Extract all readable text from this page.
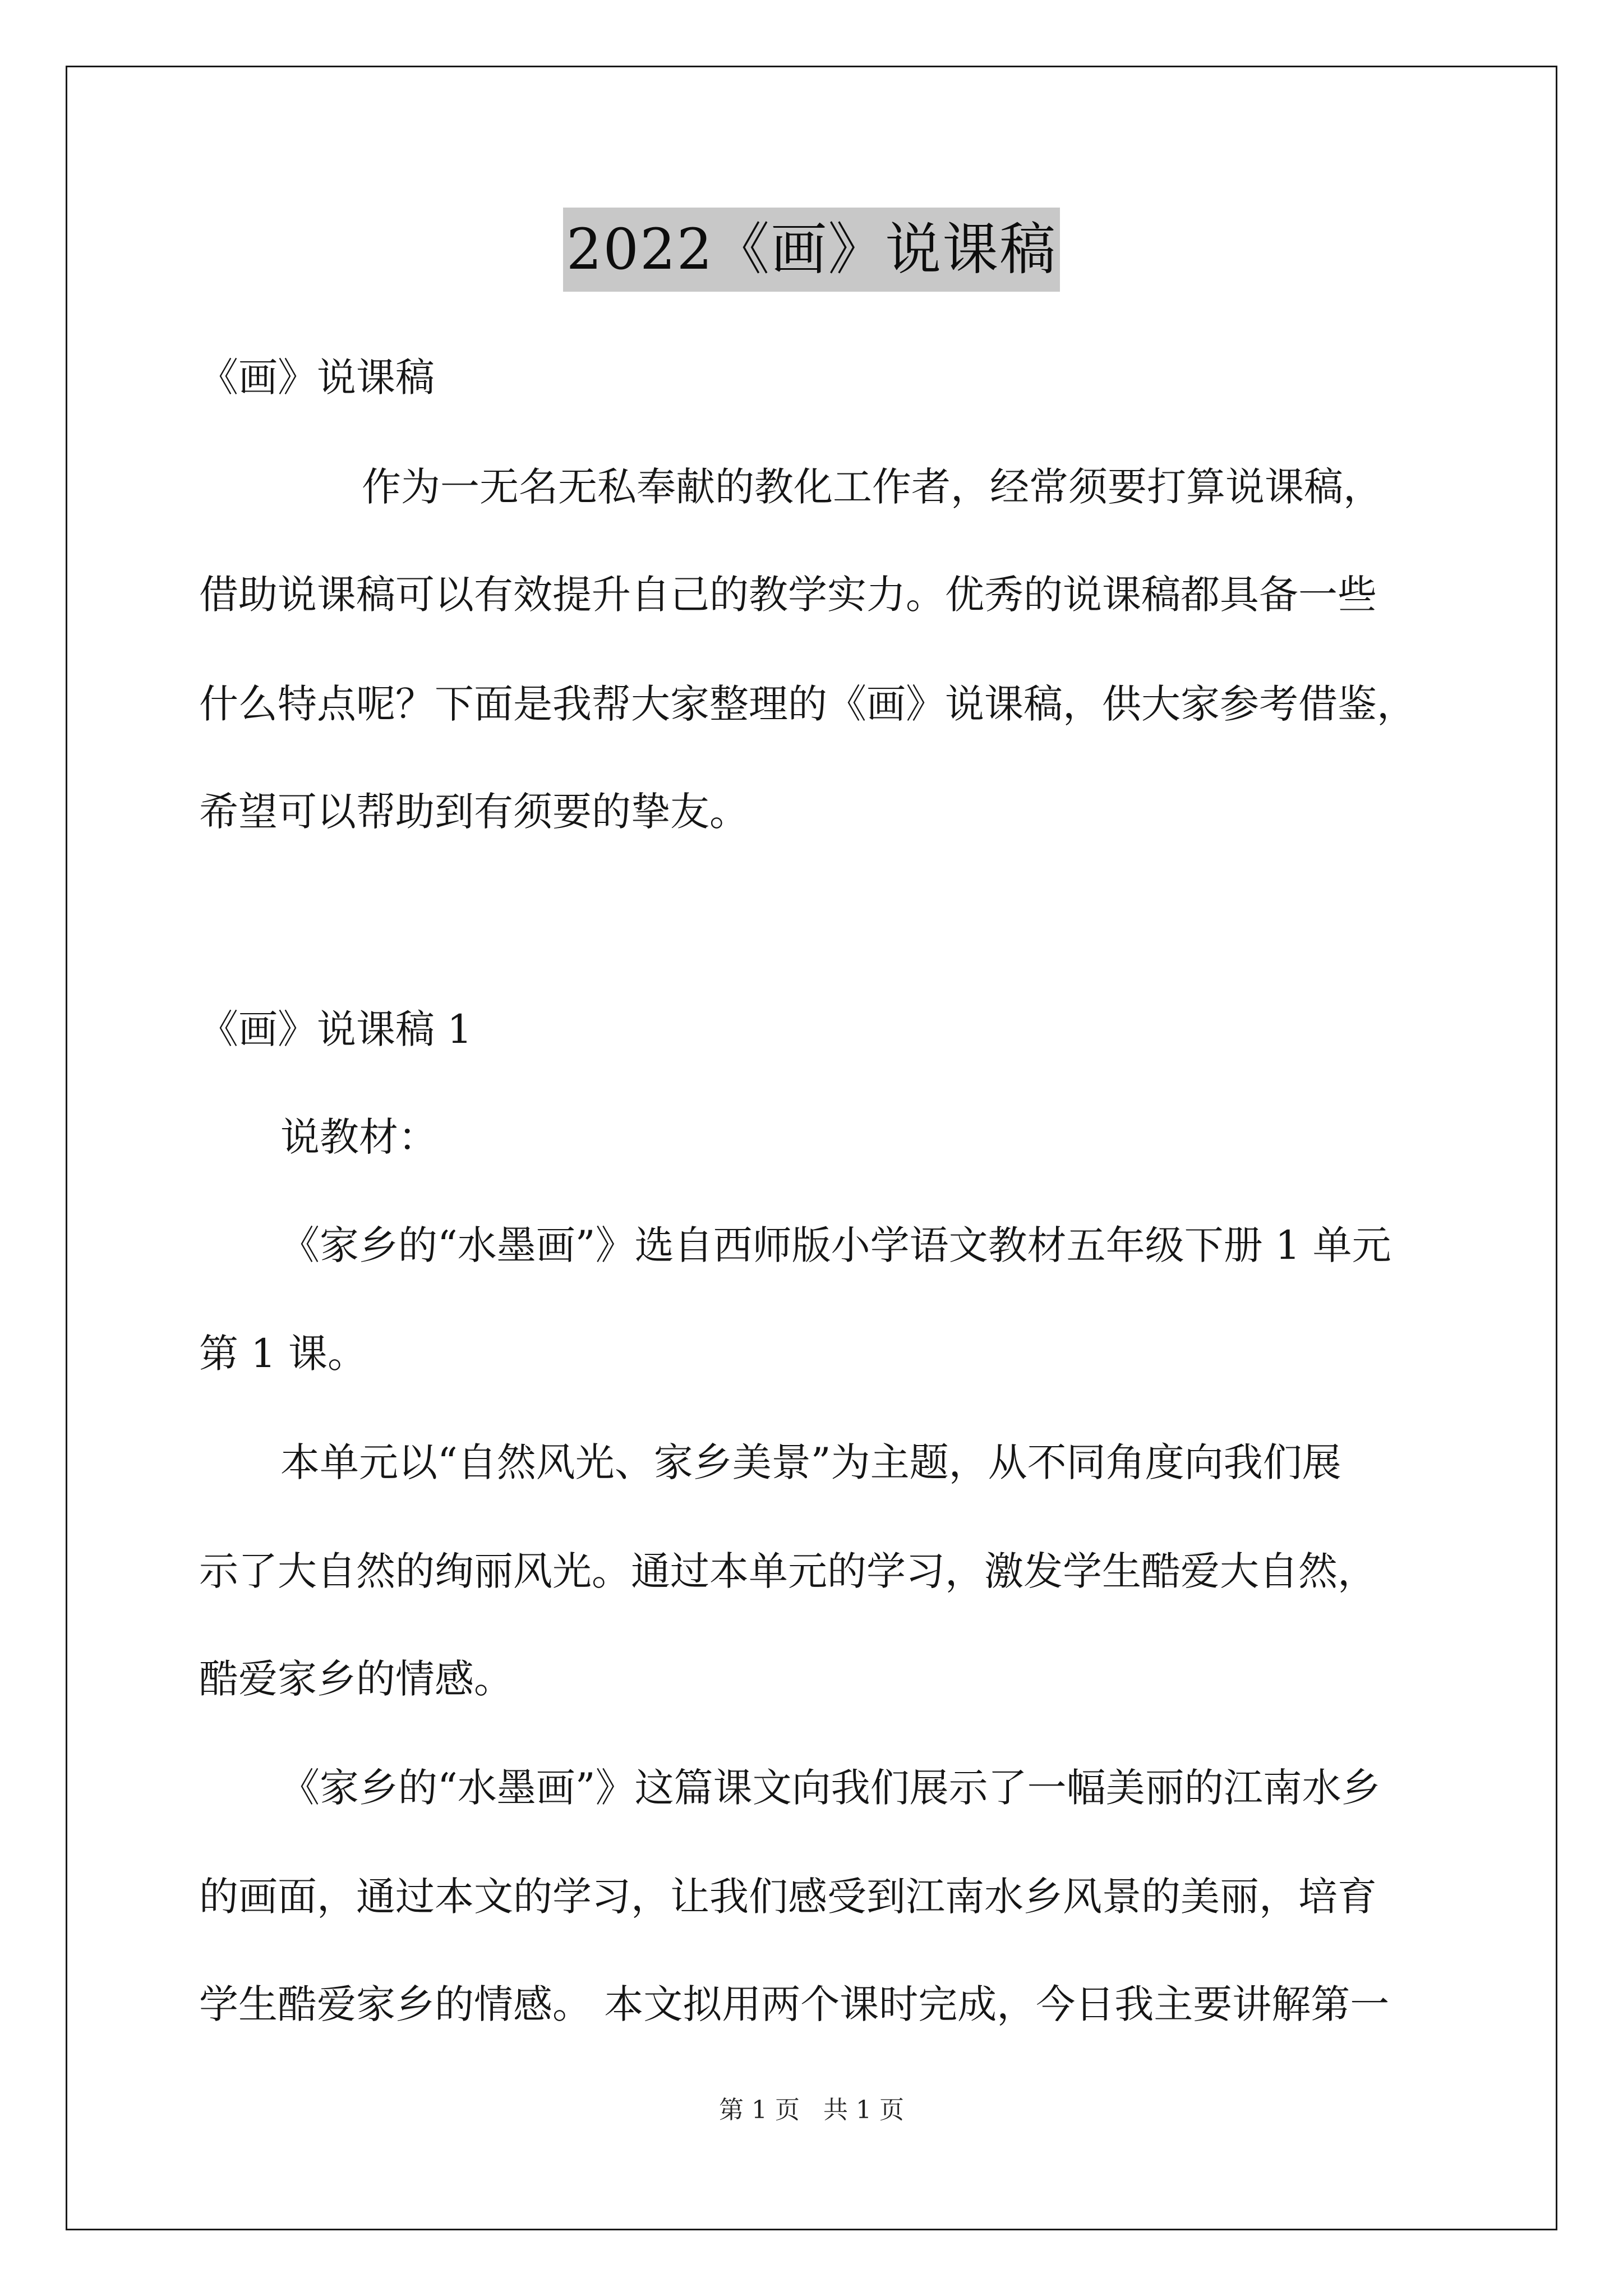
2022《画》说课稿
《画》说课稿
作为一无名无私奉献的教化工作者，经常须要打算说课稿，
借助说课稿可以有效提升自己的教学实力。优秀的说课稿都具备一些
什么特点呢？下面是我帮大家整理的《画》说课稿，供大家参考借鉴，
希望可以帮助到有须要的挚友。
《画》说课稿 1
说教材：
《家乡的“水墨画”》选自西师版小学语文教材五年级下册 1 单元
第 1 课。
本单元以“自然风光、家乡美景”为主题，从不同角度向我们展
示了大自然的绚丽风光。通过本单元的学习，激发学生酷爱大自然，
酷爱家乡的情感。
《家乡的“水墨画”》这篇课文向我们展示了一幅美丽的江南水乡
的画面，通过本文的学习，让我们感受到江南水乡风景的美丽，培育
学生酷爱家乡的情感。 本文拟用两个课时完成，今日我主要讲解第一
第 1 页 共 1 页
